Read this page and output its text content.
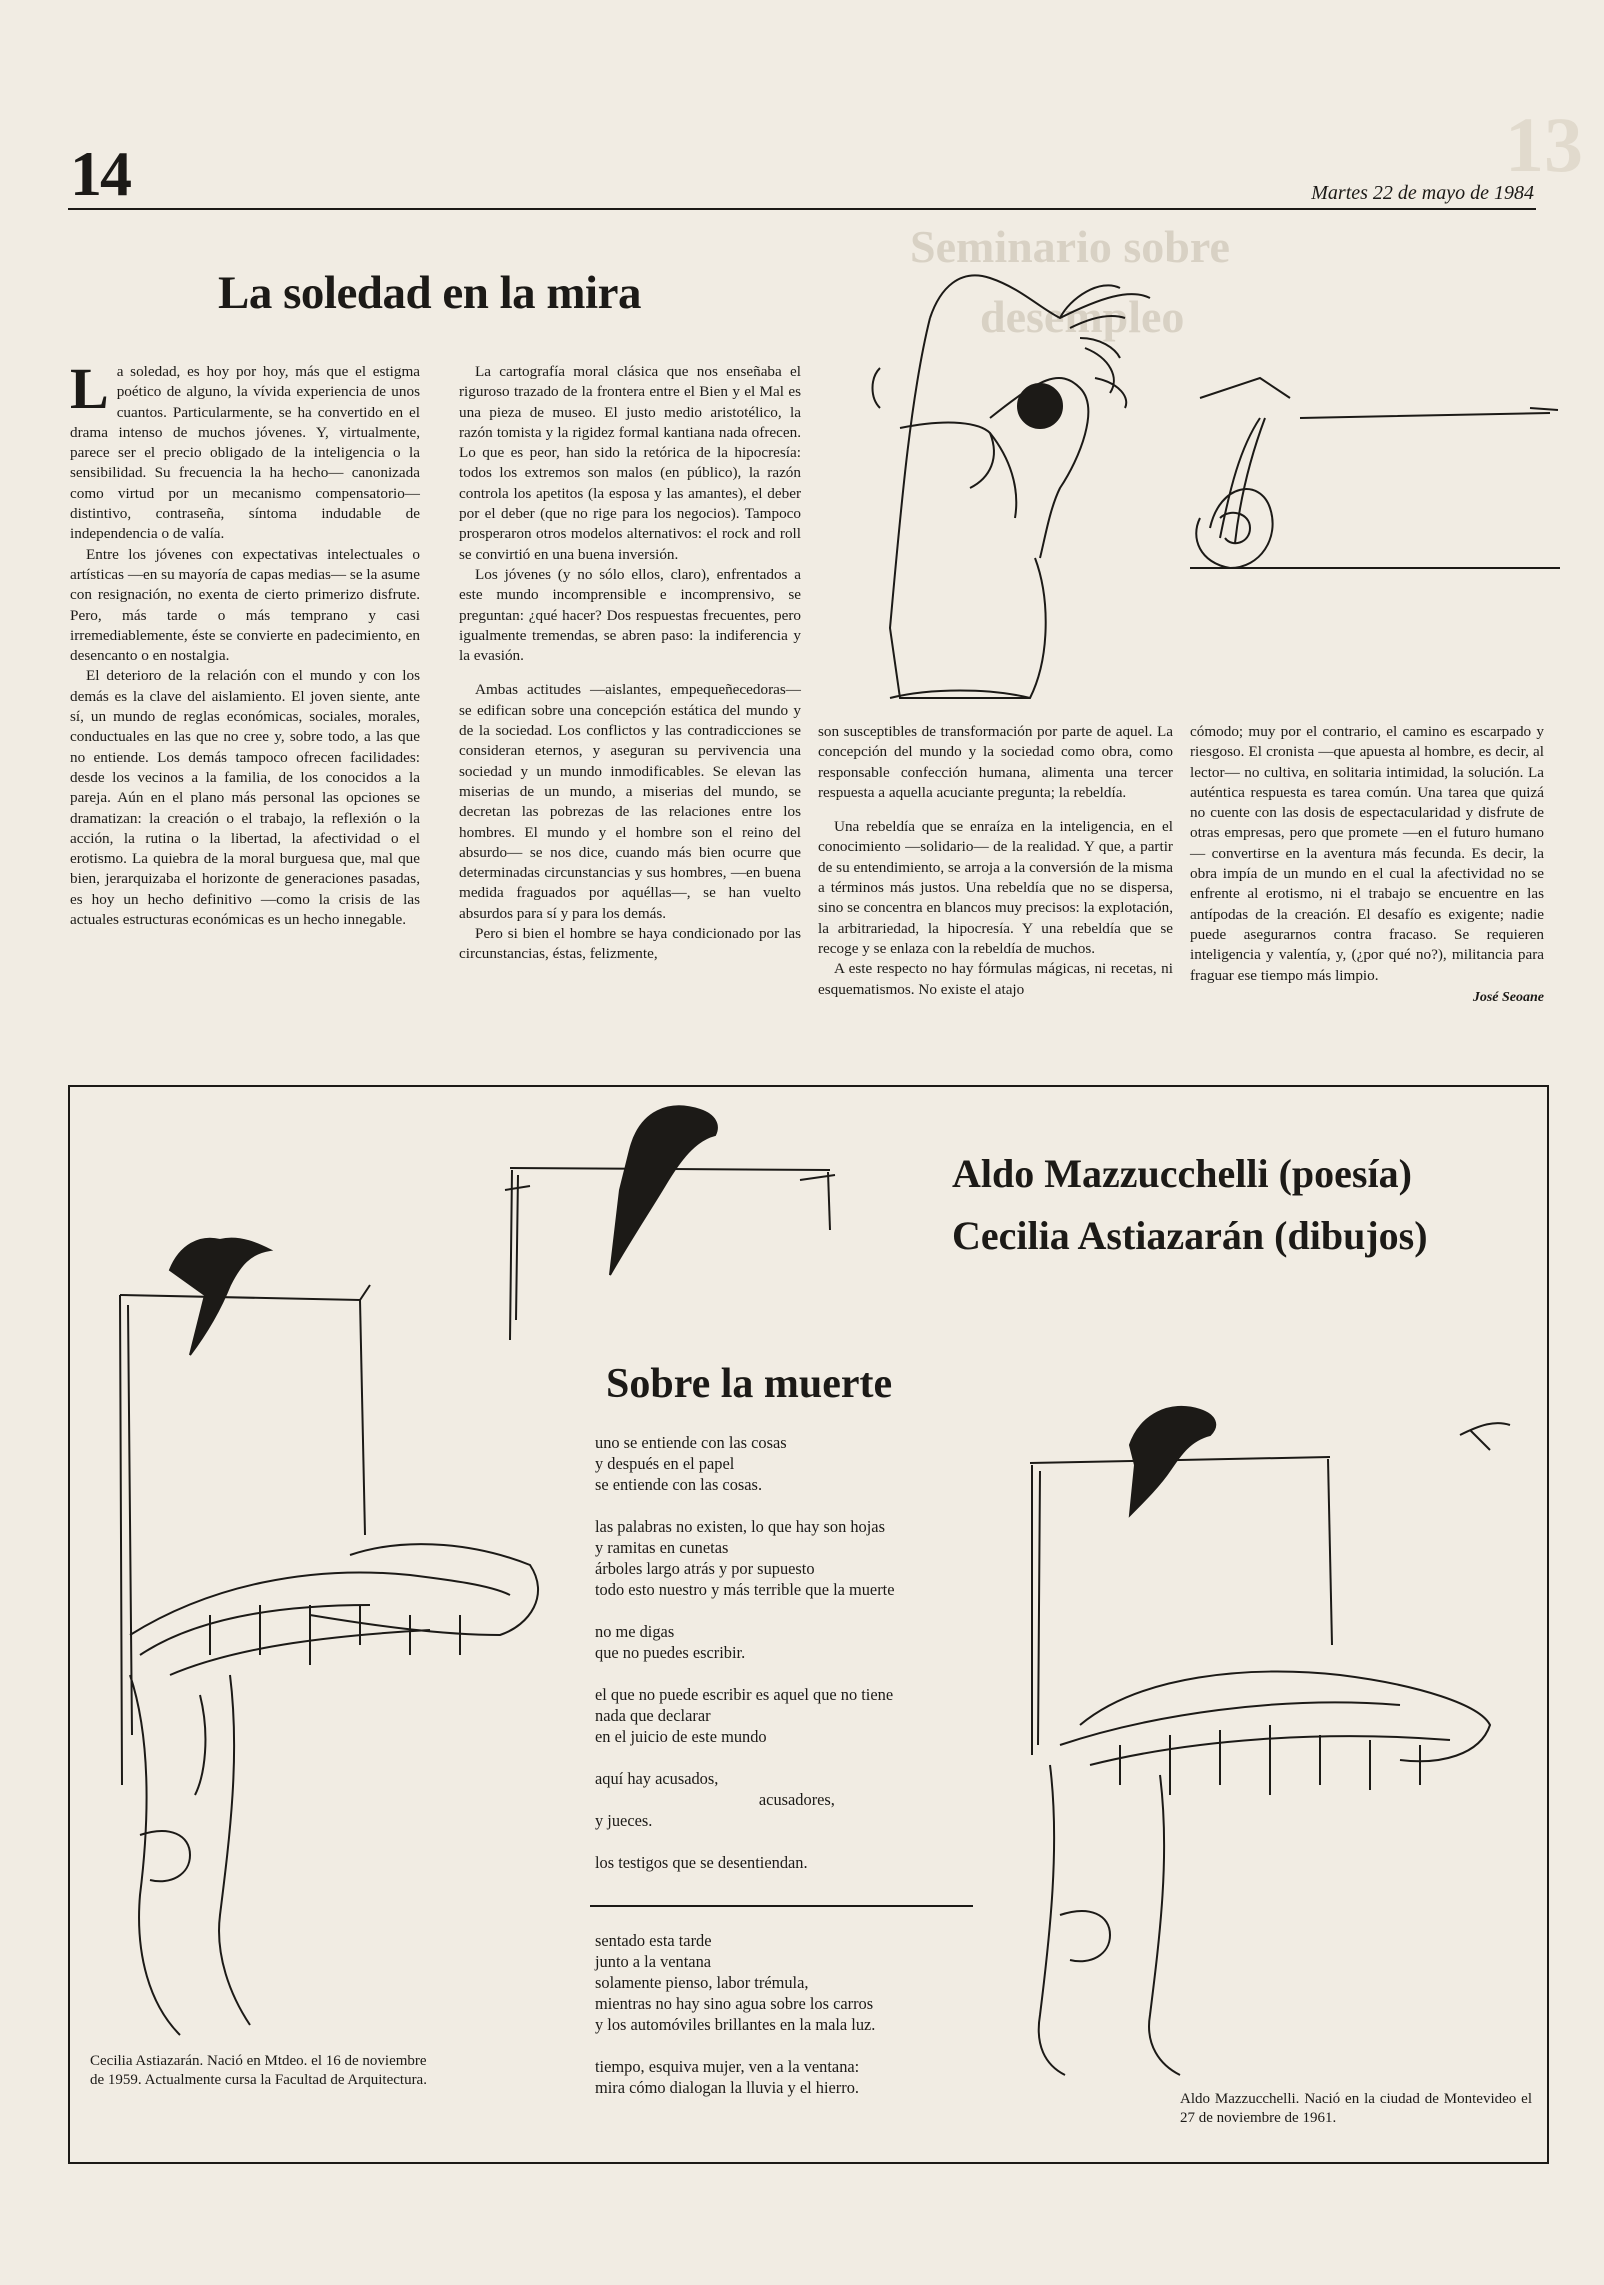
13
Seminario sobre
desempleo
14	Martes 22 de mayo de 1984
La soledad en la mira

La soledad, es hoy por hoy, más que el estigma poético de alguno, la vívida experiencia de unos cuantos. Particularmente, se ha convertido en el drama intenso de muchos jóvenes. Y, virtualmente, parece ser el precio obligado de la inteligencia o la sensibilidad. Su frecuencia la ha hecho— canonizada como virtud por un mecanismo compensatorio— distintivo, contraseña, síntoma indudable de independencia o de valía.

Entre los jóvenes con expectativas intelectuales o artísticas —en su mayoría de capas medias— se la asume con resignación, no exenta de cierto primerizo disfrute. Pero, más tarde o más temprano y casi irremediablemente, éste se convierte en padecimiento, en desencanto o en nostalgia.

El deterioro de la relación con el mundo y con los demás es la clave del aislamiento. El joven siente, ante sí, un mundo de reglas económicas, sociales, morales, conductuales en las que no cree y, sobre todo, a las que no entiende. Los demás tampoco ofrecen facilidades: desde los vecinos a la familia, de los conocidos a la pareja. Aún en el plano más personal las opciones se dramatizan: la creación o el trabajo, la reflexión o la acción, la rutina o la libertad, la afectividad o el erotismo. La quiebra de la moral burguesa que, mal que bien, jerarquizaba el horizonte de generaciones pasadas, es hoy un hecho definitivo —como la crisis de las actuales estructuras económicas es un hecho innegable.

La cartografía moral clásica que nos enseñaba el riguroso trazado de la frontera entre el Bien y el Mal es una pieza de museo. El justo medio aristotélico, la razón tomista y la rigidez formal kantiana nada ofrecen. Lo que es peor, han sido la retórica de la hipocresía: todos los extremos son malos (en público), la razón controla los apetitos (la esposa y las amantes), el deber por el deber (que no rige para los negocios). Tampoco prosperaron otros modelos alternativos: el rock and roll se convirtió en una buena inversión.

Los jóvenes (y no sólo ellos, claro), enfrentados a este mundo incomprensible e incomprensivo, se preguntan: ¿qué hacer? Dos respuestas frecuentes, pero igualmente tremendas, se abren paso: la indiferencia y la evasión.

Ambas actitudes —aislantes, empequeñecedoras— se edifican sobre una concepción estática del mundo y de la sociedad. Los conflictos y las contradicciones se consideran eternos, y aseguran su pervivencia una sociedad y un mundo inmodificables. Se elevan las miserias de un mundo, a miserias del mundo, se decretan las pobrezas de las relaciones entre los hombres. El mundo y el hombre son el reino del absurdo— se nos dice, cuando más bien ocurre que determinadas circunstancias y sus hombres, —en buena medida fraguados por aquéllas—, se han vuelto absurdos para sí y para los demás.

Pero si bien el hombre se haya condicionado por las circunstancias, éstas, felizmente,

son susceptibles de transformación por parte de aquel. La concepción del mundo y la sociedad como obra, como responsable confección humana, alimenta una tercer respuesta a aquella acuciante pregunta; la rebeldía.

Una rebeldía que se enraíza en la inteligencia, en el conocimiento —solidario— de la realidad. Y que, a partir de su entendimiento, se arroja a la conversión de la misma a términos más justos. Una rebeldía que no se dispersa, sino se concentra en blancos muy precisos: la explotación, la arbitrariedad, la hipocresía. Y una rebeldía que se recoge y se enlaza con la rebeldía de muchos.

A este respecto no hay fórmulas mágicas, ni recetas, ni esquematismos. No existe el atajo

cómodo; muy por el contrario, el camino es escarpado y riesgoso. El cronista —que apuesta al hombre, es decir, al lector— no cultiva, en solitaria intimidad, la solución. La auténtica respuesta es tarea común. Una tarea que quizá no cuente con las dosis de espectacularidad y disfrute de otras empresas, pero que promete —en el futuro humano— convertirse en la aventura más fecunda. Es decir, la obra impía de un mundo en el cual la afectividad no se enfrente al erotismo, ni el trabajo se encuentre en las antípodas de la creación. El desafío es exigente; nadie puede asegurarnos contra fracaso. Se requieren inteligencia y valentía, y, (¿por qué no?), militancia para fraguar ese tiempo más limpio.

José Seoane
Aldo Mazzucchelli (poesía)
Cecilia Astiazarán (dibujos)
Sobre la muerte
uno se entiende con las cosas
y después en el papel
se entiende con las cosas.
las palabras no existen, lo que hay son hojas
y ramitas en cunetas
árboles largo atrás y por supuesto
todo esto nuestro y más terrible que la muerte
no me digas
que no puedes escribir.
el que no puede escribir es aquel que no tiene
nada que declarar
en el juicio de este mundo
aquí hay acusados,
acusadores,
y jueces.
los testigos que se desentiendan.
sentado esta tarde
junto a la ventana
solamente pienso, labor trémula,
mientras no hay sino agua sobre los carros
y los automóviles brillantes en la mala luz.
tiempo, esquiva mujer, ven a la ventana:
mira cómo dialogan la lluvia y el hierro.
Cecilia Astiazarán. Nació en Mtdeo. el 16 de noviembre de 1959. Actualmente cursa la Facultad de Arquitectura.
Aldo Mazzucchelli. Nació en la ciudad de Montevideo el 27 de noviembre de 1961.
